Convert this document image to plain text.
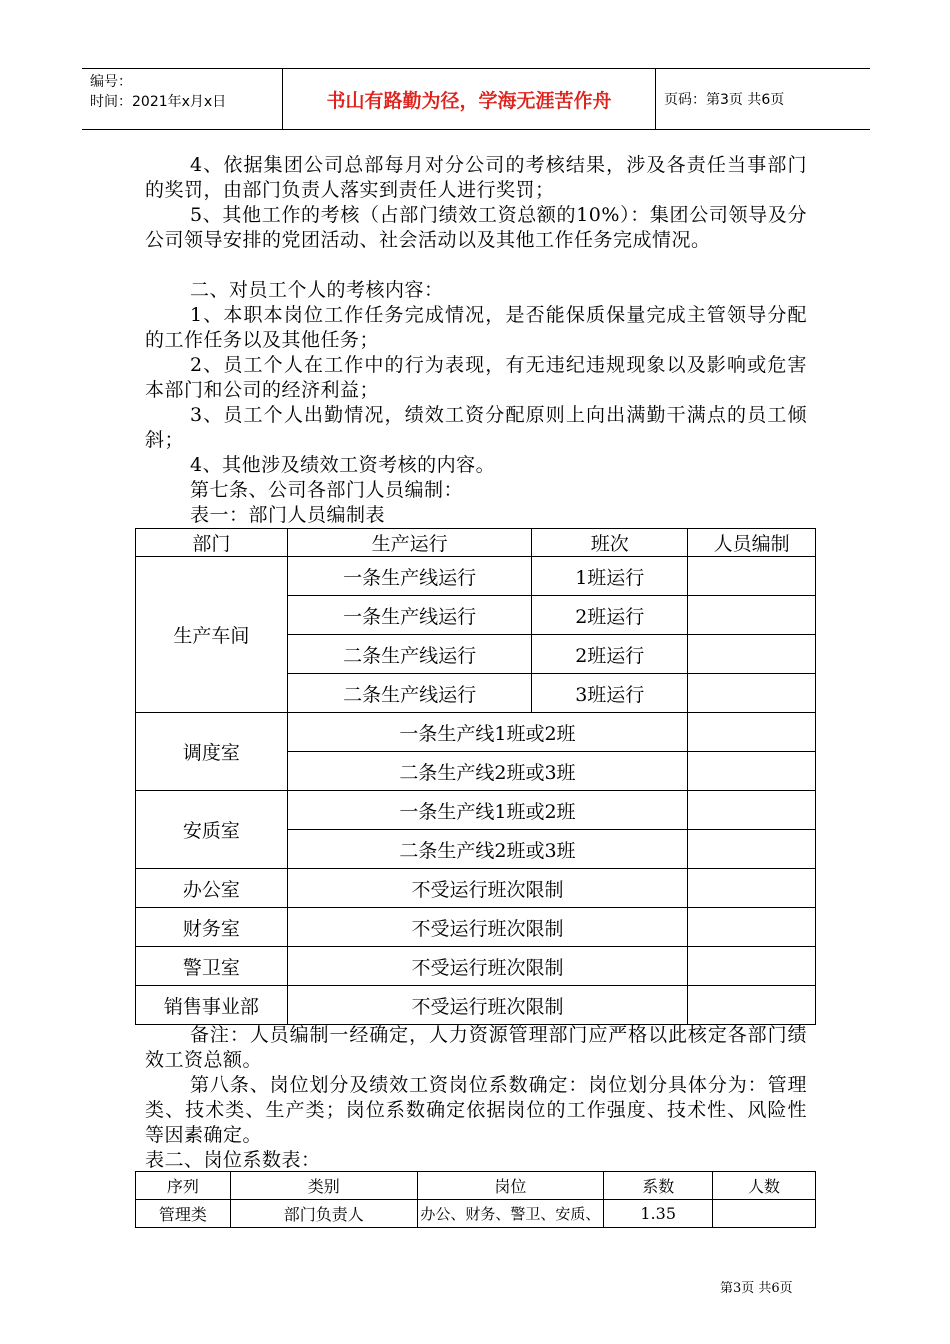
编号：
时间：2021年x月x日	书山有路勤为径，学海无涯苦作舟	页码：第3页 共6页
4、依据集团公司总部每月对分公司的考核结果，涉及各责任当事部门的奖罚，由部门负责人落实到责任人进行奖罚；
5、其他工作的考核（占部门绩效工资总额的10%）：集团公司领导及分公司领导安排的党团活动、社会活动以及其他工作任务完成情况。
二、对员工个人的考核内容：
1、本职本岗位工作任务完成情况，是否能保质保量完成主管领导分配的工作任务以及其他任务；
2、员工个人在工作中的行为表现，有无违纪违规现象以及影响或危害本部门和公司的经济利益；
3、员工个人出勤情况，绩效工资分配原则上向出满勤干满点的员工倾斜；
4、其他涉及绩效工资考核的内容。
第七条、公司各部门人员编制：
表一：部门人员编制表
部门	生产运行	班次	人员编制
生产车间	一条生产线运行	1班运行	
	一条生产线运行	2班运行	
	二条生产线运行	2班运行	
	二条生产线运行	3班运行	
调度室	一条生产线1班或2班		
	二条生产线2班或3班		
安质室	一条生产线1班或2班		
	二条生产线2班或3班		
办公室	不受运行班次限制		
财务室	不受运行班次限制		
警卫室	不受运行班次限制		
销售事业部	不受运行班次限制		
备注：人员编制一经确定，人力资源管理部门应严格以此核定各部门绩效工资总额。
第八条、岗位划分及绩效工资岗位系数确定：岗位划分具体分为：管理类、技术类、生产类；岗位系数确定依据岗位的工作强度、技术性、风险性等因素确定。
表二、岗位系数表：
序列	类别	岗位	系数	人数
管理类	部门负责人	办公、财务、警卫、安质、	1.35	
第3页 共6页
